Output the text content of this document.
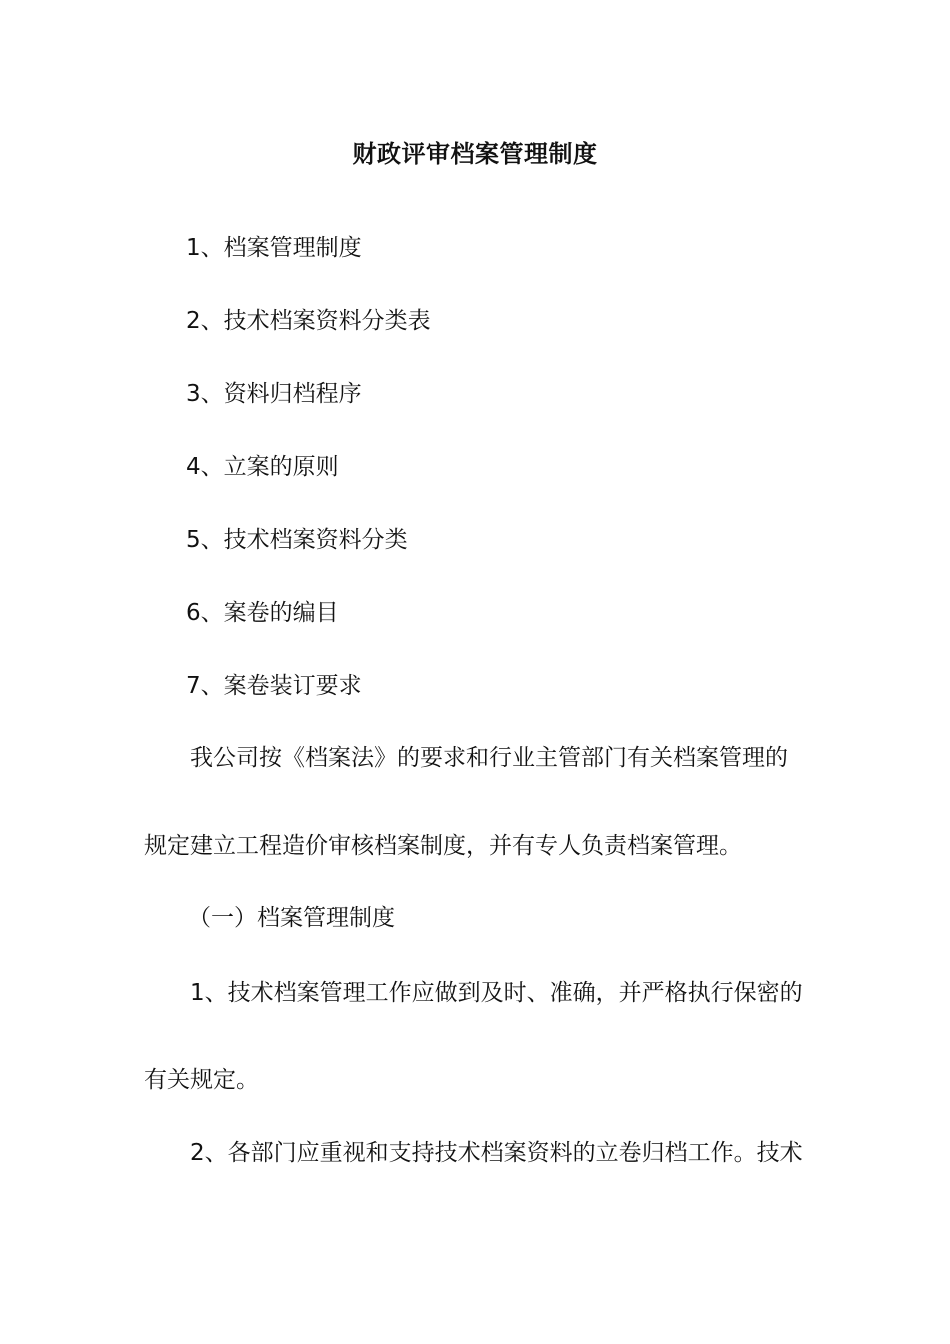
财政评审档案管理制度
1、档案管理制度
2、技术档案资料分类表
3、资料归档程序
4、立案的原则
5、技术档案资料分类
6、案卷的编目
7、案卷装订要求
我公司按《档案法》的要求和行业主管部门有关档案管理的
规定建立工程造价审核档案制度，并有专人负责档案管理。
（一）档案管理制度
1、技术档案管理工作应做到及时、准确，并严格执行保密的
有关规定。
2、各部门应重视和支持技术档案资料的立卷归档工作。技术
